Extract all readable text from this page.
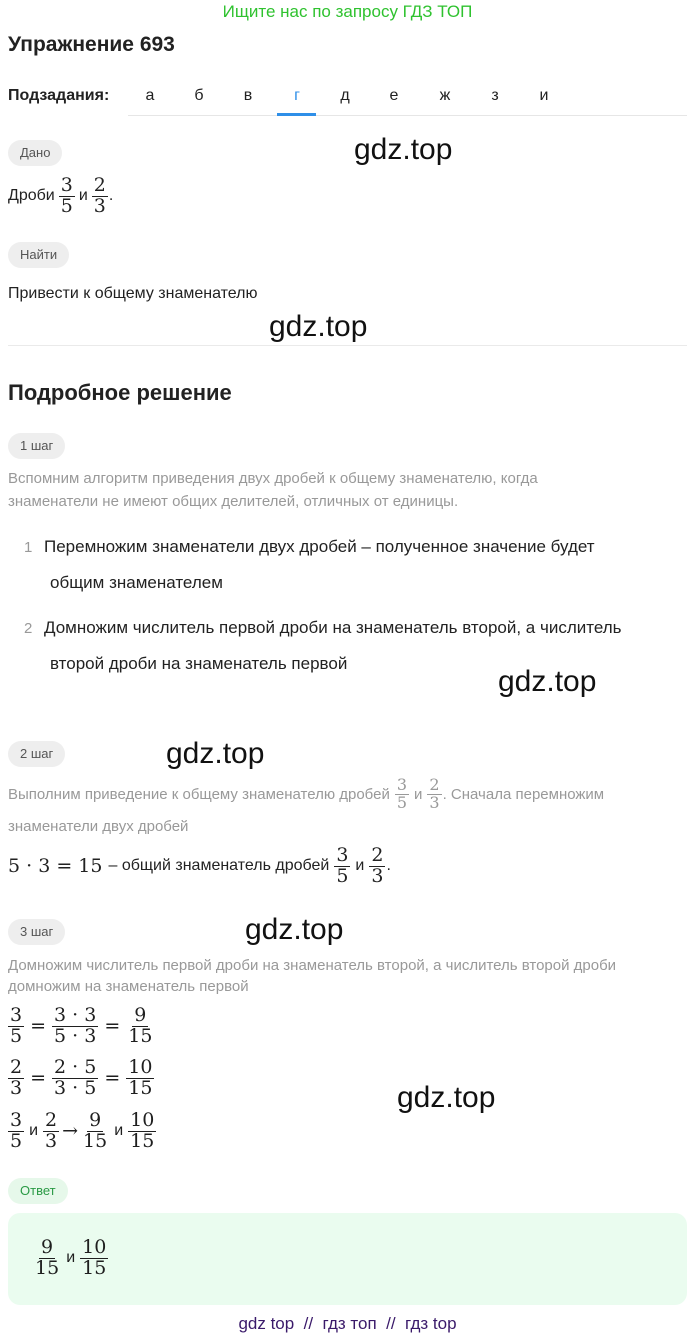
Ищите нас по запросу ГДЗ ТОП
Упражнение 693
Подзадания:	а	б	в	г	д	е	ж	з	и
Дано	gdz.top
Дроби $\frac{3}{5}$ и $\frac{2}{3}$ .
Найти
Привести к общему знаменателю
gdz.top
Подробное решение
1 шаг
Вспомним алгоритм приведения двух дробей к общему знаменателю, когда
знаменатели не имеют общих делителей, отличных от единицы.
1 Перемножим знаменатели двух дробей – полученное значение будет
общим знаменателем
2 Домножим числитель первой дроби на знаменатель второй, а числитель
второй дроби на знаменатель первой
gdz.top
2 шаг	gdz.top
Выполним приведение к общему знаменателю дробей $\frac{3}{5}$ и $\frac{2}{3}$ . Сначала перемножим
знаменатели двух дробей
5 · 3 = 15 – общий знаменатель дробей $\frac{3}{5}$ и $\frac{2}{3}$ .
3 шаг	gdz.top
Домножим числитель первой дроби на знаменатель второй, а числитель второй дроби
домножим на знаменатель первой
$\frac{3}{5} = \frac{3 \cdot 3}{5 \cdot 3} = \frac{9}{15}$
$\frac{2}{3} = \frac{2 \cdot 5}{3 \cdot 5} = \frac{10}{15}$
$\frac{3}{5}$ и $\frac{2}{3} \to \frac{9}{15}$ и $\frac{10}{15}$
gdz.top
Ответ
$\frac{9}{15}$ и $\frac{10}{15}$
gdz top  //  гдз топ  //  гдз top
